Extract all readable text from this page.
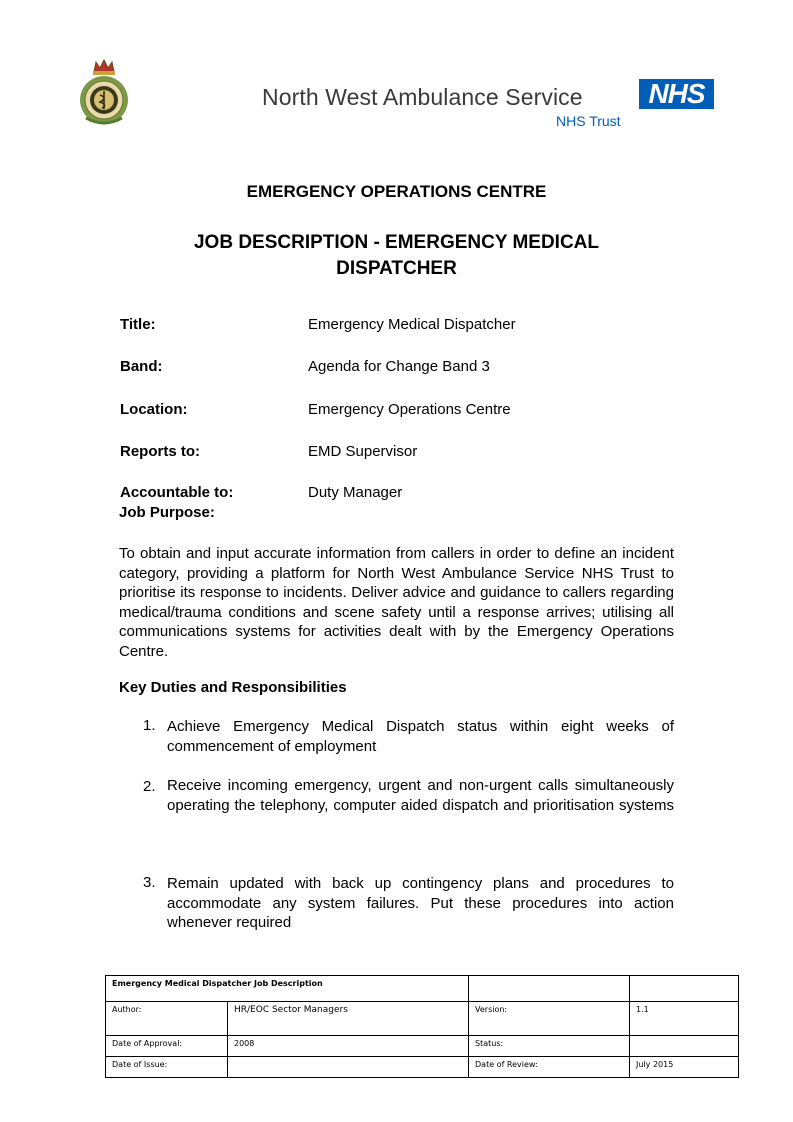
North West Ambulance Service	NHS
NHS Trust
EMERGENCY OPERATIONS CENTRE
JOB DESCRIPTION - EMERGENCY MEDICAL
DISPATCHER
Title:	Emergency Medical Dispatcher
Band:	Agenda for Change Band 3
Location:	Emergency Operations Centre
Reports to:	EMD Supervisor
Accountable to:	Duty Manager
Job Purpose:
To obtain and input accurate information from callers in order to define an incident category, providing a platform for North West Ambulance Service NHS Trust to prioritise its response to incidents. Deliver advice and guidance to callers regarding medical/trauma conditions and scene safety until a response arrives; utilising all communications systems for activities dealt with by the Emergency Operations Centre.
Key Duties and Responsibilities
1. Achieve Emergency Medical Dispatch status within eight weeks of commencement of employment
2. Receive incoming emergency, urgent and non-urgent calls simultaneously operating the telephony, computer aided dispatch and prioritisation systems
3. Remain updated with back up contingency plans and procedures to accommodate any system failures. Put these procedures into action whenever required
Emergency Medical Dispatcher Job Description			
Author:	HR/EOC Sector Managers	Version:	1.1
Date of Approval:	2008	Status:	
Date of Issue:		Date of Review:	July 2015
